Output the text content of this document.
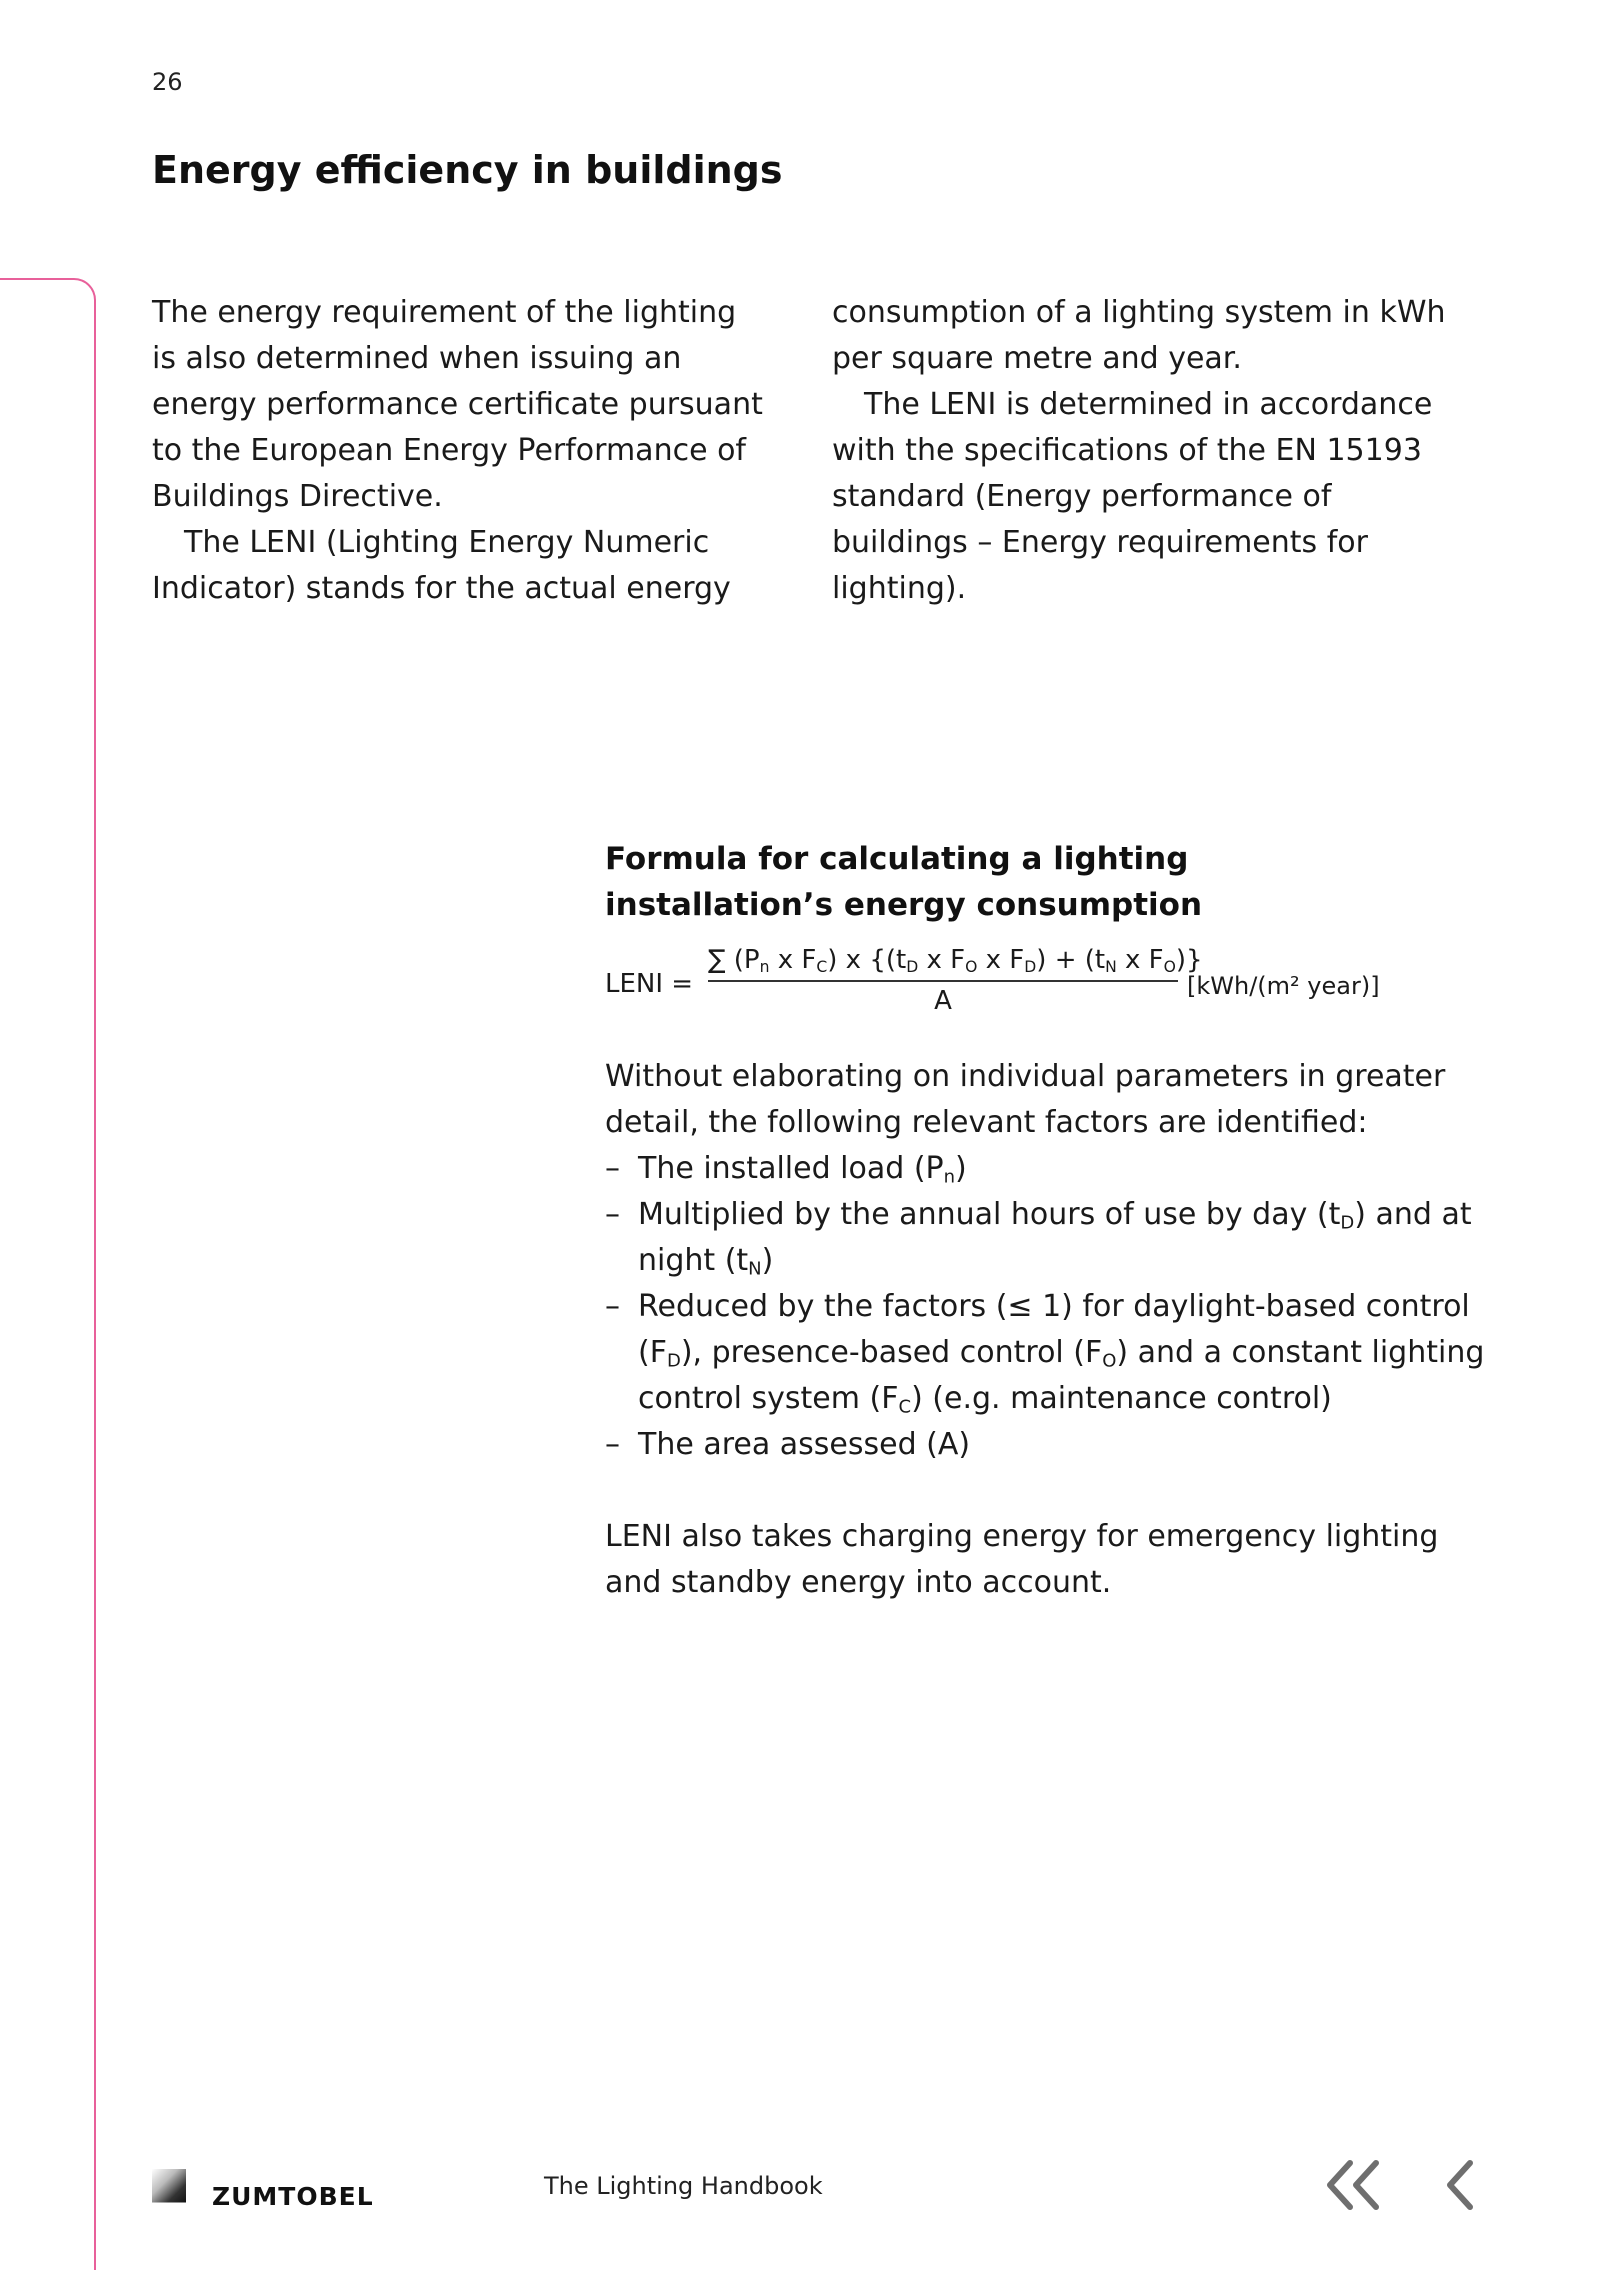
26
Energy efficiency in buildings

The energy requirement of the lighting is also determined when issuing an energy performance certificate pursuant to the European Energy Performance of Buildings Directive.

The LENI (Lighting Energy Numeric Indicator) stands for the actual energy

consumption of a lighting system in kWh per square metre and year.

The LENI is determined in accordance with the specifications of the EN 15193 standard (Energy performance of buildings – Energy requirements for lighting).

Formula for calculating a lighting installation’s energy consumption
LENI =
∑ ($P_n$ x $F_C$) x {($t_D$ x $F_O$ x $F_D) + (t_N$ x $F_O$)}
A	[kWh/(m² year)]

Without elaborating on individual parameters in greater detail, the following relevant factors are identified:

– The installed load $(P_n)$
– Multiplied by the annual hours of use by day $(t_D)$ and at night $(t_N)$
– Reduced by the factors (≤ 1) for daylight-based control $(F_D)$, presence-based control $(F_O)$ and a constant lighting control system $(F_C)$ (e.g. maintenance control)
– The area assessed (A)

LENI also takes charging energy for emergency lighting and standby energy into account.

ZUMTOBEL	The Lighting Handbook
